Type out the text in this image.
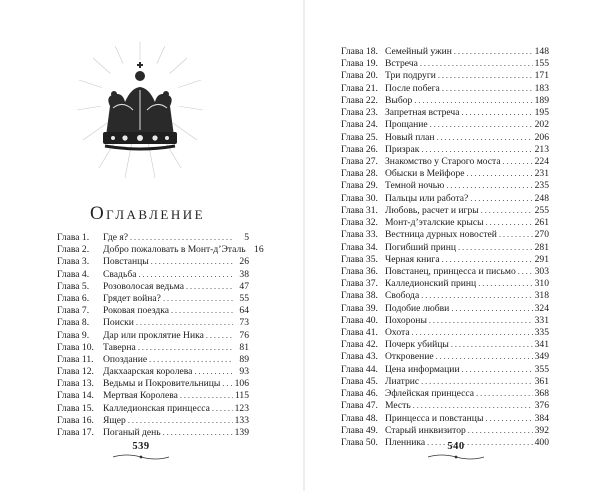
Оглавление
Глава 1.	Где я? . . .	5
Глава 2.	Добро пожаловать в Монт-д’Эталь 16
Глава 3.	Повстанцы . . .	26
Глава 4.	Свадьба . . .	38
Глава 5.	Розоволосая ведьма . . .	47
Глава 6.	Грядет война? . . .	55
Глава 7.	Роковая поездка . . .	64
Глава 8.	Поиски . . .	73
Глава 9.	Дар или проклятие Ника . . .	76
Глава 10. Таверна . . .	81
Глава 11. Опоздание . . .	89
Глава 12. Дакхаарская королева . . .	93
Глава 13. Ведьмы и Покровительницы . . . 106
Глава 14. Мертвая Королева . . .	115
Глава 15. Калледионская принцесса . . .	123
Глава 16. Ящер . . .	133
Глава 17. Поганый день . . .	139
539
Глава 18. Семейный ужин . . .	148
Глава 19. Встреча . . .	155
Глава 20. Три подруги . . .	171
Глава 21. После побега . . .	183
Глава 22. Выбор . . .	189
Глава 23. Запретная встреча . . .	195
Глава 24. Прощание . . .	202
Глава 25. Новый план . . .	206
Глава 26. Призрак . . .	213
Глава 27. Знакомство у Старого моста . . .	224
Глава 28. Обыски в Мейфоре . . .	231
Глава 29. Темной ночью . . .	235
Глава 30. Пальцы или работа? . . .	248
Глава 31. Любовь, расчет и игры . . .	255
Глава 32. Монт-д’эталские крысы . . .	261
Глава 33. Вестница дурных новостей . . .	270
Глава 34. Погибший принц . . .	281
Глава 35. Черная книга . . .	291
Глава 36. Повстанец, принцесса и письмо . . . 303
Глава 37. Калледионский принц . . .	310
Глава 38. Свобода . . .	318
Глава 39. Подобие любви . . .	324
Глава 40. Похороны . . .	331
Глава 41. Охота . . .	335
Глава 42. Почерк убийцы . . .	341
Глава 43. Откровение . . .	349
Глава 44. Цена информации . . .	355
Глава 45. Лиатрис . . .	361
Глава 46. Эфлейская принцесса . . .	368
Глава 47. Месть . . .	376
Глава 48. Принцесса и повстанцы . . .	384
Глава 49. Старый инквизитор . . .	392
Глава 50. Пленника . . .	400
540
